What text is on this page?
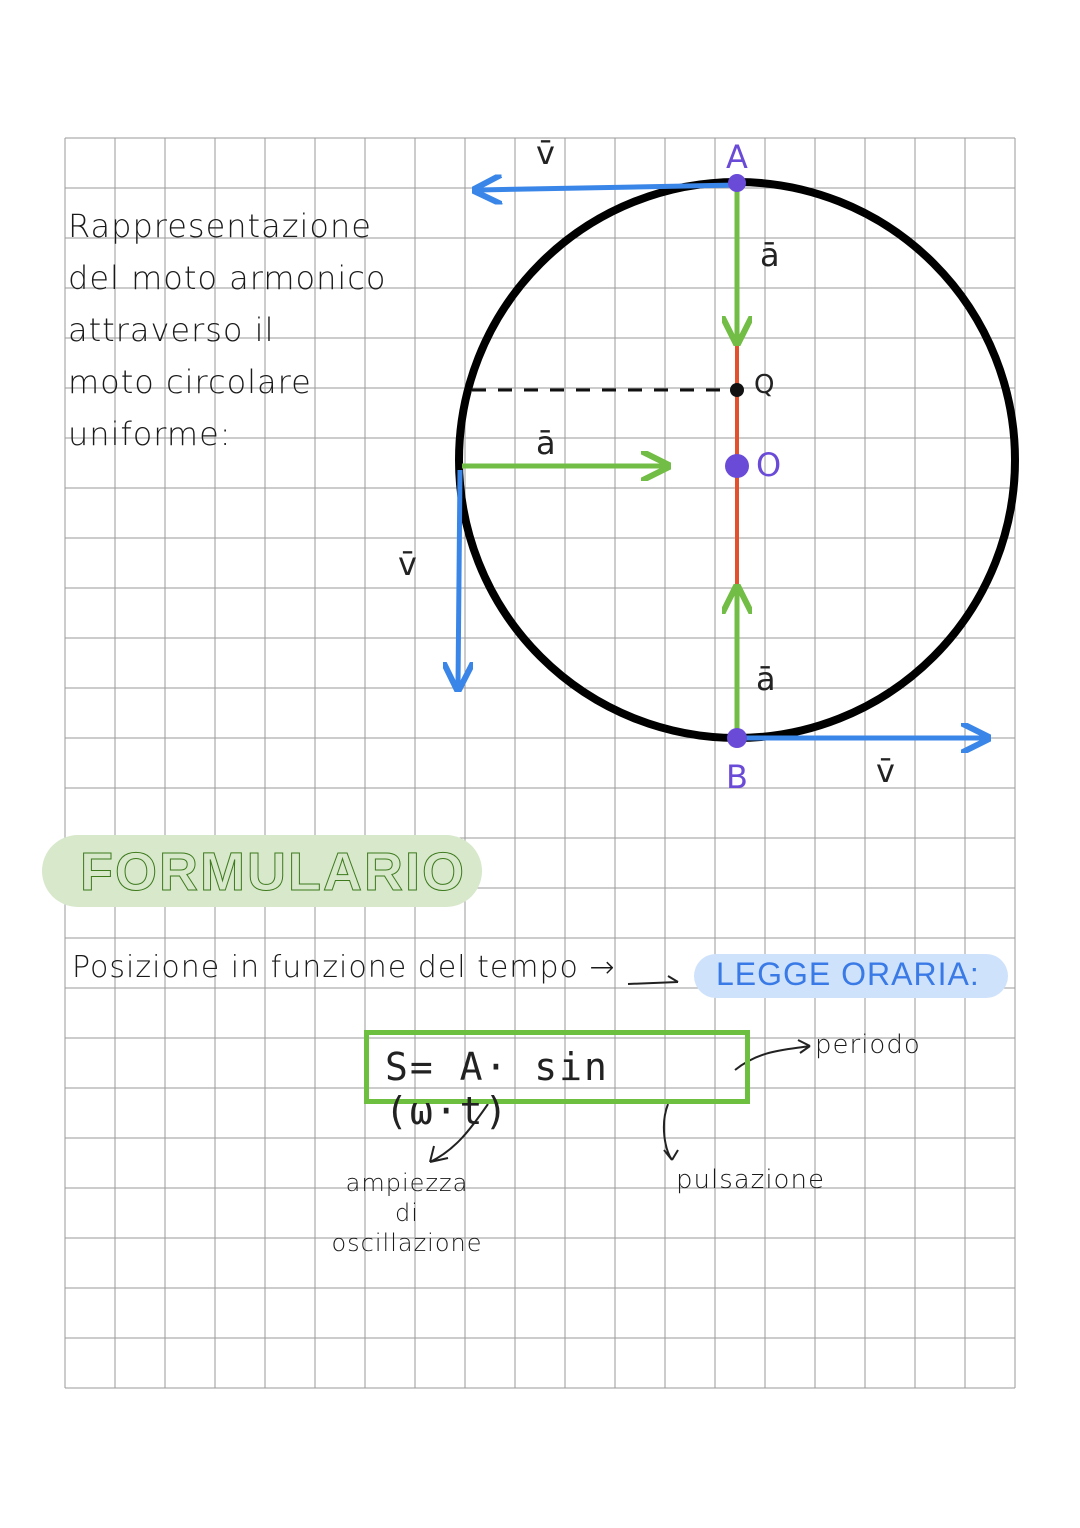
A
B
O
Q
v̄
v̄
v̄
ā
ā
ā
Rappresentazione
del moto armonico
attraverso il
moto circolare
uniforme:
FORMULARIO
Posizione in funzione del tempo →	LEGGE ORARIA:
S= A· sin (ω·t)
periodo
ampiezza
di oscillazione
pulsazione
